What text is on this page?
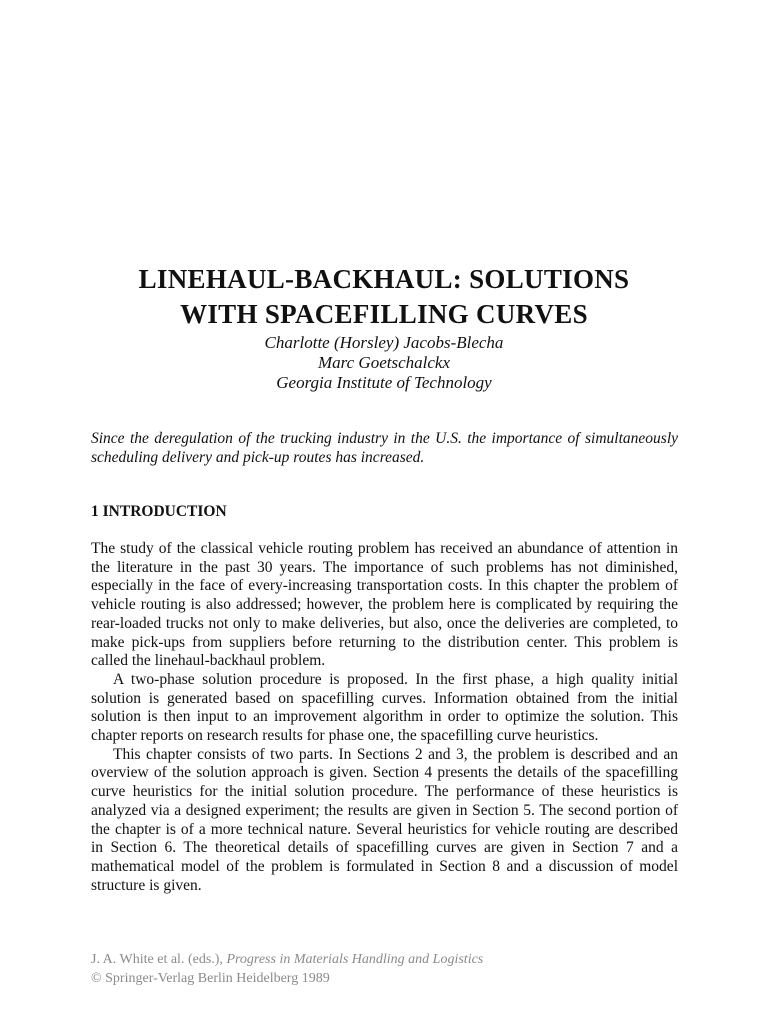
LINEHAUL-BACKHAUL: SOLUTIONS
WITH SPACEFILLING CURVES
Charlotte (Horsley) Jacobs-Blecha
Marc Goetschalckx
Georgia Institute of Technology

Since the deregulation of the trucking industry in the U.S. the importance of simultaneously scheduling delivery and pick-up routes has increased.

1 INTRODUCTION

The study of the classical vehicle routing problem has received an abundance of attention in the literature in the past 30 years. The importance of such problems has not diminished, especially in the face of every-increasing transportation costs. In this chapter the problem of vehicle routing is also addressed; however, the problem here is complicated by requiring the rear-loaded trucks not only to make deliveries, but also, once the deliveries are completed, to make pick-ups from suppliers before returning to the distribution center. This problem is called the linehaul-backhaul problem.

A two-phase solution procedure is proposed. In the first phase, a high quality initial solution is generated based on spacefilling curves. Information obtained from the initial solution is then input to an improvement algorithm in order to optimize the solution. This chapter reports on research results for phase one, the spacefilling curve heuristics.

This chapter consists of two parts. In Sections 2 and 3, the problem is described and an overview of the solution approach is given. Section 4 presents the details of the spacefilling curve heuristics for the initial solution procedure. The performance of these heuristics is analyzed via a designed experiment; the results are given in Section 5. The second portion of the chapter is of a more technical nature. Several heuristics for vehicle routing are described in Section 6. The theoretical details of spacefilling curves are given in Section 7 and a mathematical model of the problem is formulated in Section 8 and a discussion of model structure is given.

J. A. White et al. (eds.), Progress in Materials Handling and Logistics
© Springer-Verlag Berlin Heidelberg 1989
